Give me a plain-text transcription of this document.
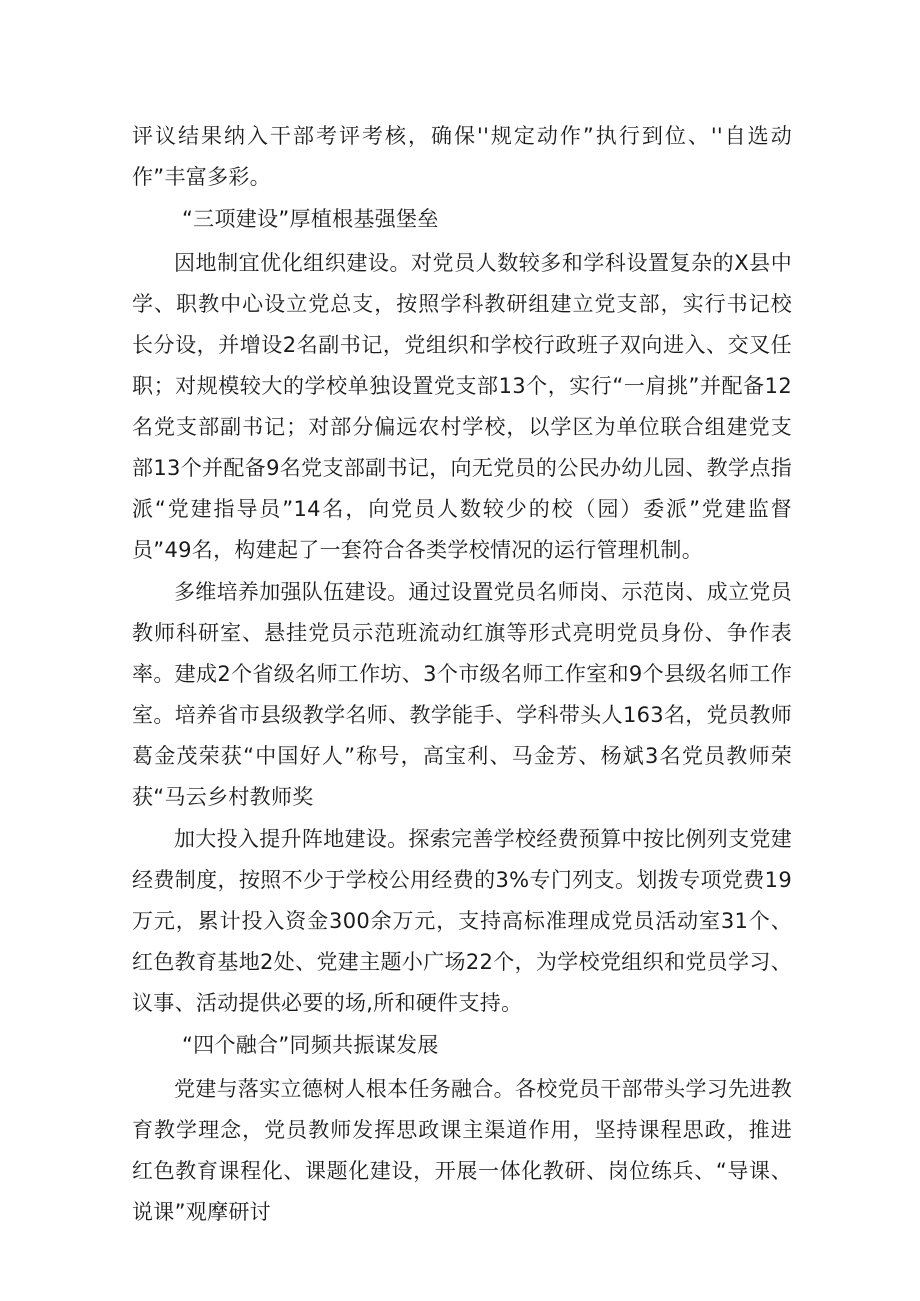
评议结果纳入干部考评考核，确保''规定动作”执行到位、''自选动作”丰富多彩。

“三项建设”厚植根基强堡垒

因地制宜优化组织建设。对党员人数较多和学科设置复杂的X县中学、职教中心设立党总支，按照学科教研组建立党支部，实行书记校长分设，并增设2名副书记，党组织和学校行政班子双向进入、交叉任职；对规模较大的学校单独设置党支部13个，实行“一肩挑”并配备12名党支部副书记；对部分偏远农村学校，以学区为单位联合组建党支部13个并配备9名党支部副书记，向无党员的公民办幼儿园、教学点指派“党建指导员”14名，向党员人数较少的校（园）委派”党建监督员”49名，构建起了一套符合各类学校情况的运行管理机制。

多维培养加强队伍建设。通过设置党员名师岗、示范岗、成立党员教师科研室、悬挂党员示范班流动红旗等形式亮明党员身份、争作表率。建成2个省级名师工作坊、3个市级名师工作室和9个县级名师工作室。培养省市县级教学名师、教学能手、学科带头人163名，党员教师葛金茂荣获“中国好人”称号，高宝利、马金芳、杨斌3名党员教师荣获“马云乡村教师奖

加大投入提升阵地建设。探索完善学校经费预算中按比例列支党建经费制度，按照不少于学校公用经费的3%专门列支。划拨专项党费19万元，累计投入资金300余万元，支持高标准理成党员活动室31个、红色教育基地2处、党建主题小广场22个，为学校党组织和党员学习、议事、活动提供必要的场,所和硬件支持。

“四个融合”同频共振谋发展

党建与落实立德树人根本任务融合。各校党员干部带头学习先进教育教学理念，党员教师发挥思政课主渠道作用，坚持课程思政，推进红色教育课程化、课题化建设，开展一体化教研、岗位练兵、“导课、说课”观摩研讨
